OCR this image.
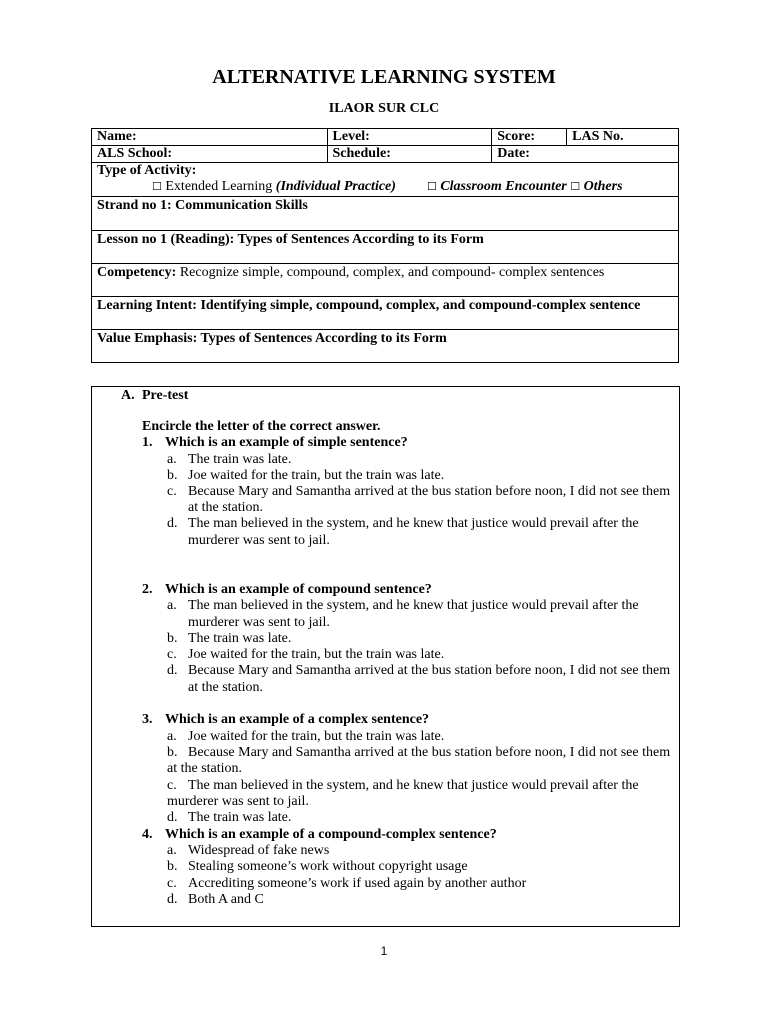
ALTERNATIVE LEARNING SYSTEM
ILAOR SUR CLC
Name:	Level:	Score:	LAS No.
ALS School:	Schedule:	Date:	

Type of Activity:
☐ Extended Learning (Individual Practice) ☐ Classroom Encounter ☐ Others			

Strand no 1: Communication Skills			
Lesson no 1 (Reading): Types of Sentences According to its Form			
Competency: Recognize simple, compound, complex, and compound- complex sentences			
Learning Intent: Identifying simple, compound, complex, and compound-complex sentence			
Value Emphasis: Types of Sentences According to its Form			
A. Pre-test
Encircle the letter of the correct answer.
1. Which is an example of simple sentence?
a. The train was late.
b. Joe waited for the train, but the train was late.
c. Because Mary and Samantha arrived at the bus station before noon, I did not see them
at the station.
d. The man believed in the system, and he knew that justice would prevail after the
murderer was sent to jail.
2. Which is an example of compound sentence?
a. The man believed in the system, and he knew that justice would prevail after the
murderer was sent to jail.
b. The train was late.
c. Joe waited for the train, but the train was late.
d. Because Mary and Samantha arrived at the bus station before noon, I did not see them
at the station.
3. Which is an example of a complex sentence?
a. Joe waited for the train, but the train was late.
b. Because Mary and Samantha arrived at the bus station before noon, I did not see them
at the station.
c. The man believed in the system, and he knew that justice would prevail after the
murderer was sent to jail.
d. The train was late.
4. Which is an example of a compound-complex sentence?
a. Widespread of fake news
b. Stealing someone’s work without copyright usage
c. Accrediting someone’s work if used again by another author
d. Both A and C
1
